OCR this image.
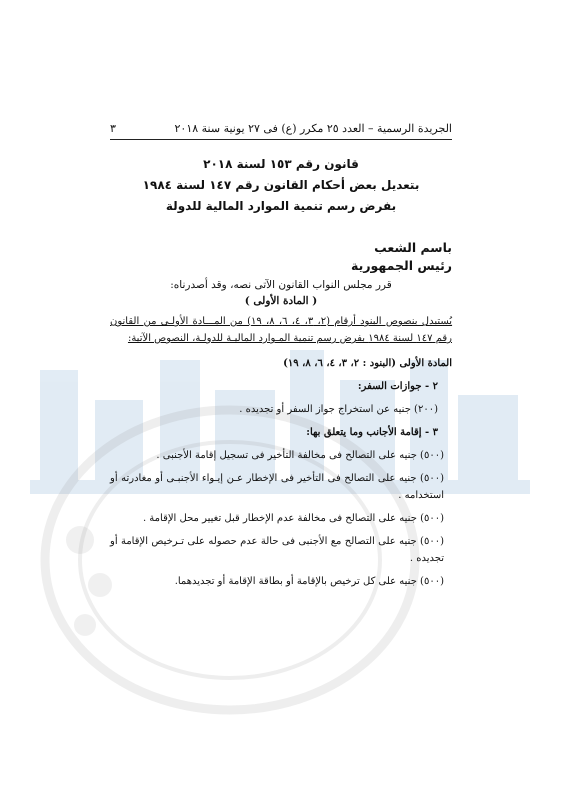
الجريدة الرسمية – العدد ٢٥ مكرر (ع) فى ٢٧ يونية سنة ٢٠١٨
٣
قانون رقم ١٥٣ لسنة ٢٠١٨
بتعديل بعض أحكام القانون رقم ١٤٧ لسنة ١٩٨٤
بفرض رسم تنمية الموارد المالية للدولة
باسم الشعب
رئيس الجمهورية
قرر مجلس النواب القانون الآتى نصه، وقد أصدرناه:
( المادة الأولى )
يُستبدل بنصوص البنود أرقام (٢، ٣، ٤، ٦، ٨، ١٩) من المـــادة الأولـى من القانون رقم ١٤٧ لسنة ١٩٨٤ بفرض رسم تنمية المـوارد الماليـة للدولـة، النصوص الآتية:
المادة الأولى (البنود : ٢، ٣، ٤، ٦، ٨، ١٩)
٢ - جوازات السفر:
(٢٠٠) جنيه عن استخراج جواز السفر أو تجديده .
٣ - إقامة الأجانب وما يتعلق بها:
(٥٠٠) جنيه على التصالح فى مخالفة التأخير فى تسجيل إقامة الأجنبى .
(٥٠٠) جنيه على التصالح فى التأخير فى الإخطار عـن إيـواء الأجنبـى أو مغادرته أو استخدامه .
(٥٠٠) جنيه على التصالح فى مخالفة عدم الإخطار قبل تغيير محل الإقامة .
(٥٠٠) جنيه على التصالح مع الأجنبى فى حالة عدم حصوله على تـرخيص الإقامة أو تجديده .
(٥٠٠) جنيه على كل ترخيص بالإقامة أو بطاقة الإقامة أو تجديدهما.
